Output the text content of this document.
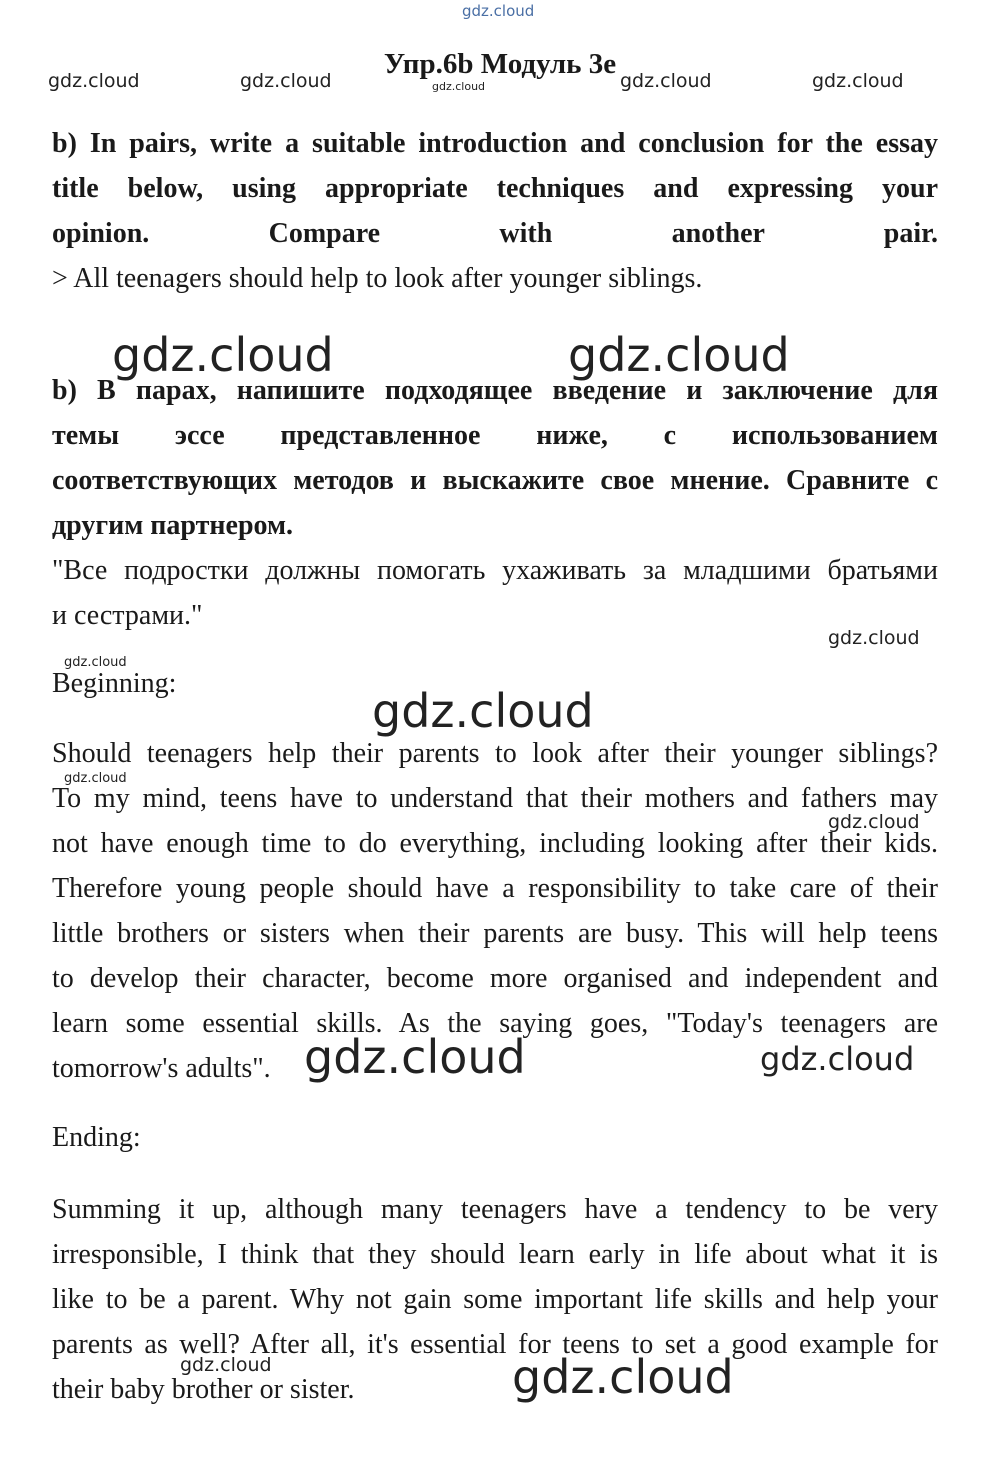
gdz.cloud
gdz.cloud	gdz.cloud	gdz.cloud	gdz.cloud	gdz.cloud
Упр.6b Модуль 3е
b) In pairs, write a suitable introduction and conclusion for the essay
title below, using appropriate techniques and expressing your
opinion. Compare with another pair.
> All teenagers should help to look after younger siblings.
gdz.cloud	gdz.cloud
b) В парах, напишите подходящее введение и заключение для
темы эссе представленное ниже, с использованием
соответствующих методов и выскажите свое мнение. Сравните с
другим партнером.
"Все подростки должны помогать ухаживать за младшими братьями
и сестрами."
gdz.cloud
gdz.cloud
Beginning:
gdz.cloud
Should teenagers help their parents to look after their younger siblings?
To my mind, teens have to understand that their mothers and fathers may
not have enough time to do everything, including looking after their kids.
Therefore young people should have a responsibility to take care of their
little brothers or sisters when their parents are busy. This will help teens
to develop their character, become more organised and independent and
learn some essential skills. As the saying goes, "Today's teenagers are
tomorrow's adults".
gdz.cloud
gdz.cloud
gdz.cloud	gdz.cloud
Ending:
Summing it up, although many teenagers have a tendency to be very
irresponsible, I think that they should learn early in life about what it is
like to be a parent. Why not gain some important life skills and help your
parents as well? After all, it's essential for teens to set a good example for
their baby brother or sister.
gdz.cloud	gdz.cloud
